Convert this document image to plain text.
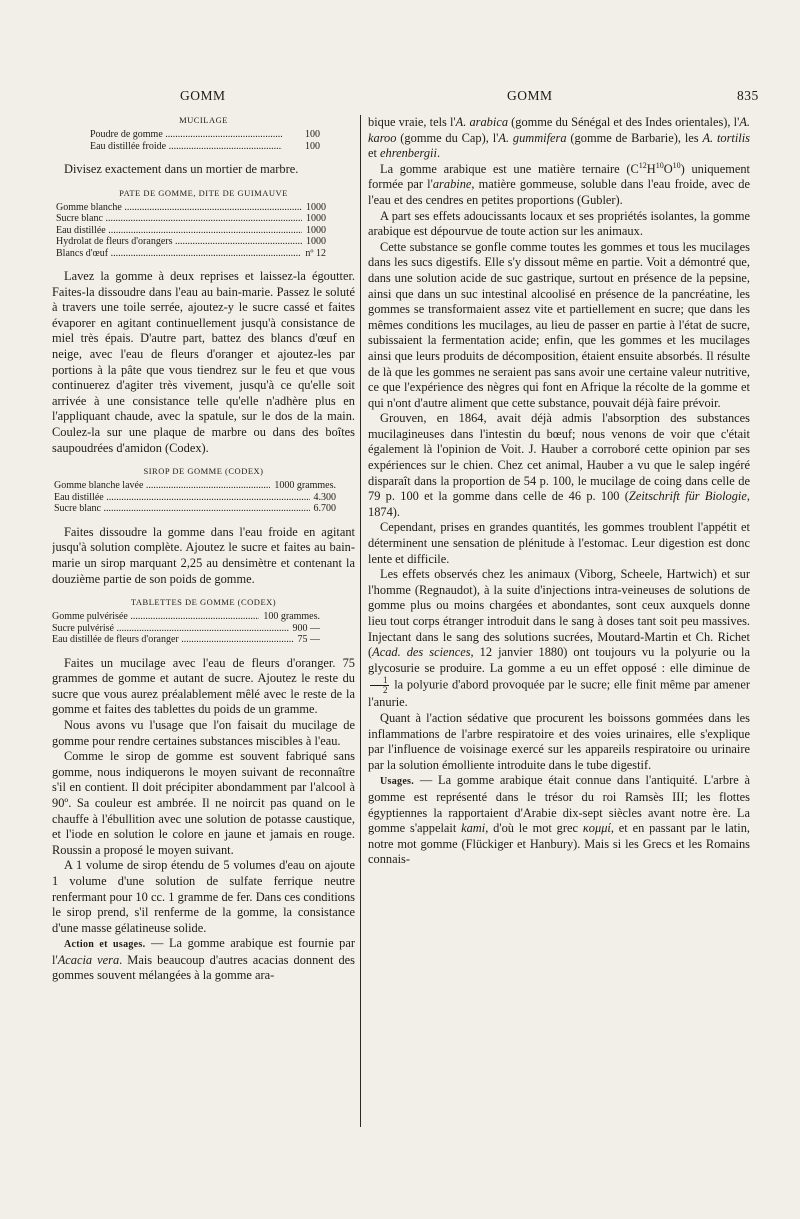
GOMM	GOMM	835
MUCILAGE
Poudre de gomme .....	100
Eau distillée froide .....	100

Divisez exactement dans un mortier de marbre.

PATE DE GOMME, DITE DE GUIMAUVE
Gomme blanche .....	1000
Sucre blanc .....	1000
Eau distillée .....	1000
Hydrolat de fleurs d'orangers .....	1000
Blancs d'œuf .....	nº 12

Lavez la gomme à deux reprises et laissez-la égoutter. Faites-la dissoudre dans l'eau au bain-marie. Passez le soluté à travers une toile serrée, ajoutez-y le sucre cassé et faites évaporer en agitant continuellement jusqu'à consistance de miel très épais. D'autre part, battez des blancs d'œuf en neige, avec l'eau de fleurs d'oranger et ajoutez-les par portions à la pâte que vous tiendrez sur le feu et que vous continuerez d'agiter très vivement, jusqu'à ce qu'elle soit arrivée à une consistance telle qu'elle n'adhère plus en l'appliquant chaude, avec la spatule, sur le dos de la main. Coulez-la sur une plaque de marbre ou dans des boîtes saupoudrées d'amidon (Codex).

SIROP DE GOMME (CODEX)
Gomme blanche lavée .....	1000 grammes.
Eau distillée .....	4.300
Sucre blanc .....	6.700

Faites dissoudre la gomme dans l'eau froide en agitant jusqu'à solution complète. Ajoutez le sucre et faites au bain-marie un sirop marquant 2,25 au densimètre et contenant la douzième partie de son poids de gomme.

TABLETTES DE GOMME (CODEX)
Gomme pulvérisée .....	100 grammes.
Sucre pulvérisé .....	900 —
Eau distillée de fleurs d'oranger .....	75 —

Faites un mucilage avec l'eau de fleurs d'oranger. 75 grammes de gomme et autant de sucre. Ajoutez le reste du sucre que vous aurez préalablement mêlé avec le reste de la gomme et faites des tablettes du poids de un gramme.

Nous avons vu l'usage que l'on faisait du mucilage de gomme pour rendre certaines substances miscibles à l'eau.

Comme le sirop de gomme est souvent fabriqué sans gomme, nous indiquerons le moyen suivant de reconnaître s'il en contient. Il doit précipiter abondamment par l'alcool à 90º. Sa couleur est ambrée. Il ne noircit pas quand on le chauffe à l'ébullition avec une solution de potasse caustique, et l'iode en solution le colore en jaune et jamais en rouge. Roussin a proposé le moyen suivant.

A 1 volume de sirop étendu de 5 volumes d'eau on ajoute 1 volume d'une solution de sulfate ferrique neutre renfermant pour 10 cc. 1 gramme de fer. Dans ces conditions le sirop prend, s'il renferme de la gomme, la consistance d'une masse gélatineuse solide.

Action et usages. — La gomme arabique est fournie par l'Acacia vera. Mais beaucoup d'autres acacias donnent des gommes souvent mélangées à la gomme ara-

bique vraie, tels l'A. arabica (gomme du Sénégal et des Indes orientales), l'A. karoo (gomme du Cap), l'A. gummifera (gomme de Barbarie), les A. tortilis et ehrenbergii.

La gomme arabique est une matière ternaire $(C^{12}H^{10}O^{10})$ uniquement formée par l'arabine, matière gommeuse, soluble dans l'eau froide, avec de l'eau et des cendres en petites proportions (Gubler).

A part ses effets adoucissants locaux et ses propriétés isolantes, la gomme arabique est dépourvue de toute action sur les animaux.

Cette substance se gonfle comme toutes les gommes et tous les mucilages dans les sucs digestifs. Elle s'y dissout même en partie. Voit a démontré que, dans une solution acide de suc gastrique, surtout en présence de la pepsine, ainsi que dans un suc intestinal alcoolisé en présence de la pancréatine, les gommes se transformaient assez vite et partiellement en sucre; que dans les mêmes conditions les mucilages, au lieu de passer en partie à l'état de sucre, subissaient la fermentation acide; enfin, que les gommes et les mucilages ainsi que leurs produits de décomposition, étaient ensuite absorbés. Il résulte de là que les gommes ne seraient pas sans avoir une certaine valeur nutritive, ce que l'expérience des nègres qui font en Afrique la récolte de la gomme et qui n'ont d'autre aliment que cette substance, pouvait déjà faire prévoir.

Grouven, en 1864, avait déjà admis l'absorption des substances mucilagineuses dans l'intestin du bœuf; nous venons de voir que c'était également là l'opinion de Voit. J. Hauber a corroboré cette opinion par ses expériences sur le chien. Chez cet animal, Hauber a vu que le salep ingéré disparaît dans la proportion de 54 p. 100, le mucilage de coing dans celle de 79 p. 100 et la gomme dans celle de 46 p. 100 (Zeitschrift für Biologie, 1874).

Cependant, prises en grandes quantités, les gommes troublent l'appétit et déterminent une sensation de plénitude à l'estomac. Leur digestion est donc lente et difficile.

Les effets observés chez les animaux (Viborg, Scheele, Hartwich) et sur l'homme (Regnaudot), à la suite d'injections intra-veineuses de solutions de gomme plus ou moins chargées et abondantes, sont ceux auxquels donne lieu tout corps étranger introduit dans le sang à doses tant soit peu massives. Injectant dans le sang des solutions sucrées, Moutard-Martin et Ch. Richet (Acad. des sciences, 12 janvier 1880) ont toujours vu la polyurie ou la glycosurie se produire. La gomme a eu un effet opposé : elle diminue de
$\frac{1}{2}$ la polyurie d'abord provoquée par le sucre; elle finit même par amener l'anurie.

Quant à l'action sédative que procurent les boissons gommées dans les inflammations de l'arbre respiratoire et des voies urinaires, elle s'explique par l'influence de voisinage exercé sur les appareils respiratoire ou urinaire par la solution émolliente introduite dans le tube digestif.

Usages. — La gomme arabique était connue dans l'antiquité. L'arbre à gomme est représenté dans le trésor du roi Ramsès III; les flottes égyptiennes la rapportaient d'Arabie dix-sept siècles avant notre ère. La gomme s'appelait kami, d'où le mot grec κομμί, et en passant par le latin, notre mot gomme (Flückiger et Hanbury). Mais si les Grecs et les Romains connais-
